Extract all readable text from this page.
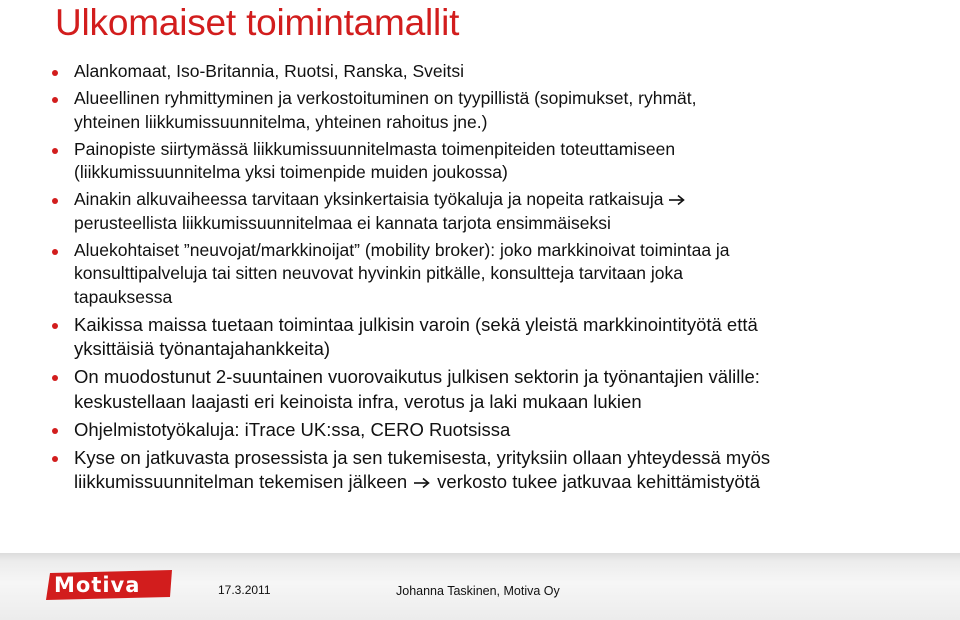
Ulkomaiset toimintamallit
Alankomaat, Iso-Britannia, Ruotsi, Ranska, Sveitsi
Alueellinen ryhmittyminen ja verkostoituminen on tyypillistä (sopimukset, ryhmät,
yhteinen liikkumissuunnitelma, yhteinen rahoitus jne.)
Painopiste siirtymässä liikkumissuunnitelmasta toimenpiteiden toteuttamiseen
(liikkumissuunnitelma yksi toimenpide muiden joukossa)
Ainakin alkuvaiheessa tarvitaan yksinkertaisia työkaluja ja nopeita ratkaisuja
perusteellista liikkumissuunnitelmaa ei kannata tarjota ensimmäiseksi
Aluekohtaiset ”neuvojat/markkinoijat” (mobility broker): joko markkinoivat toimintaa ja
konsulttipalveluja tai sitten neuvovat hyvinkin pitkälle, konsultteja tarvitaan joka
tapauksessa
Kaikissa maissa tuetaan toimintaa julkisin varoin (sekä yleistä markkinointityötä että
yksittäisiä työnantajahankkeita)
On muodostunut 2-suuntainen vuorovaikutus julkisen sektorin ja työnantajien välille:
keskustellaan laajasti eri keinoista infra, verotus ja laki mukaan lukien
Ohjelmistotyökaluja: iTrace UK:ssa, CERO Ruotsissa
Kyse on jatkuvasta prosessista ja sen tukemisesta, yrityksiin ollaan yhteydessä myös
liikkumissuunnitelman tekemisen jälkeen verkosto tukee jatkuvaa kehittämistyötä
Motiva	17.3.2011	Johanna Taskinen, Motiva Oy
